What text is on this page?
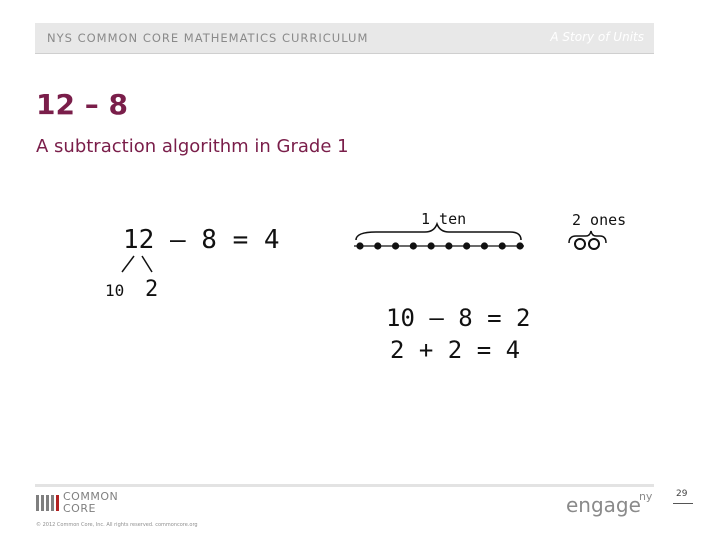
NYS COMMON CORE MATHEMATICS CURRICULUM	A Story of Units
12 – 8
A subtraction algorithm in Grade 1
12 – 8 = 4
10 2
1 ten	2 ones
10 – 8 = 2
2 + 2 = 4
COMMON
CORE
© 2012 Common Core, Inc. All rights reserved. commoncore.org
engage$^{ny}$	29
